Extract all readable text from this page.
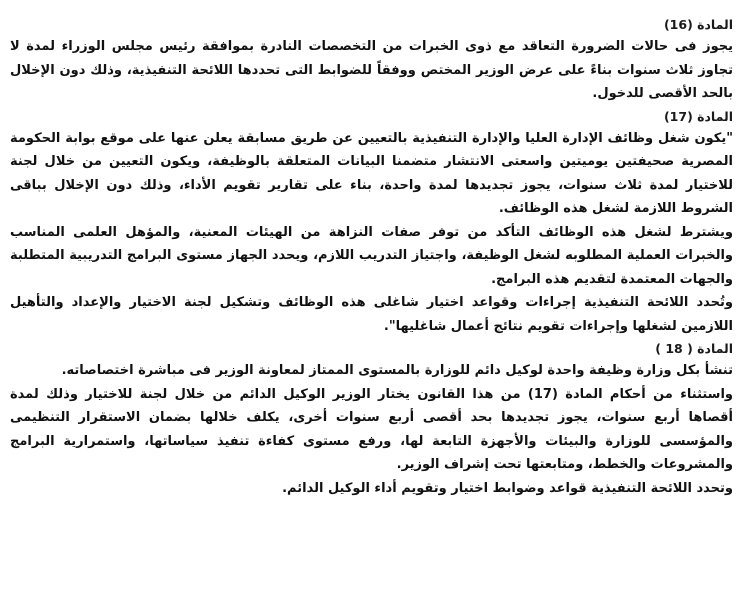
المادة (16)

يجوز فى حالات الضرورة التعاقد مع ذوى الخبرات من التخصصات النادرة بموافقة رئيس مجلس الوزراء لمدة لا تجاوز ثلاث سنوات بناءً على عرض الوزير المختص ووفقاً للضوابط التى تحددها اللائحة التنفيذية، وذلك دون الإخلال بالحد الأقصى للدخول.

المادة (17)

"يكون شغل وظائف الإدارة العليا والإدارة التنفيذية بالتعيين عن طريق مسابقة يعلن عنها على موقع بوابة الحكومة المصرية صحيفتين يوميتين واسعتى الانتشار متضمنا البيانات المتعلقة بالوظيفة، ويكون التعيين من خلال لجنة للاختيار لمدة ثلاث سنوات، يجوز تجديدها لمدة واحدة، بناء على تقارير تقويم الأداء، وذلك دون الإخلال بباقى الشروط اللازمة لشغل هذه الوظائف.

ويشترط لشغل هذه الوظائف التأكد من توفر صفات النزاهة من الهيئات المعنية، والمؤهل العلمى المناسب والخبرات العملية المطلوبه لشغل الوظيفة، واجتياز التدريب اللازم، ويحدد الجهاز مستوى البرامج التدريبية المتطلبة والجهات المعتمدة لتقديم هذه البرامج.

وتُحدد اللائحة التنفيذية إجراءات وقواعد اختيار شاغلى هذه الوظائف وتشكيل لجنة الاختيار والإعداد والتأهيل اللازمين لشغلها وإجراءات تقويم نتائج أعمال شاغليها".

المادة ( 18 )

تنشأ بكل وزارة وظيفة واحدة لوكيل دائم للوزارة بالمستوى الممتاز لمعاونة الوزير فى مباشرة اختصاصاته.

واستثناء من أحكام المادة (17) من هذا القانون يختار الوزير الوكيل الدائم من خلال لجنة للاختيار وذلك لمدة أقصاها أربع سنوات، يجوز تجديدها بحد أقصى أربع سنوات أخرى، يكلف خلالها بضمان الاستقرار التنظيمى والمؤسسى للوزارة والبيئات والأجهزة التابعة لها، ورفع مستوى كفاءة تنفيذ سياساتها، واستمرارية البرامج والمشروعات والخطط، ومتابعتها تحت إشراف الوزير.

وتحدد اللائحة التنفيذية قواعد وضوابط اختيار وتقويم أداء الوكيل الدائم.
